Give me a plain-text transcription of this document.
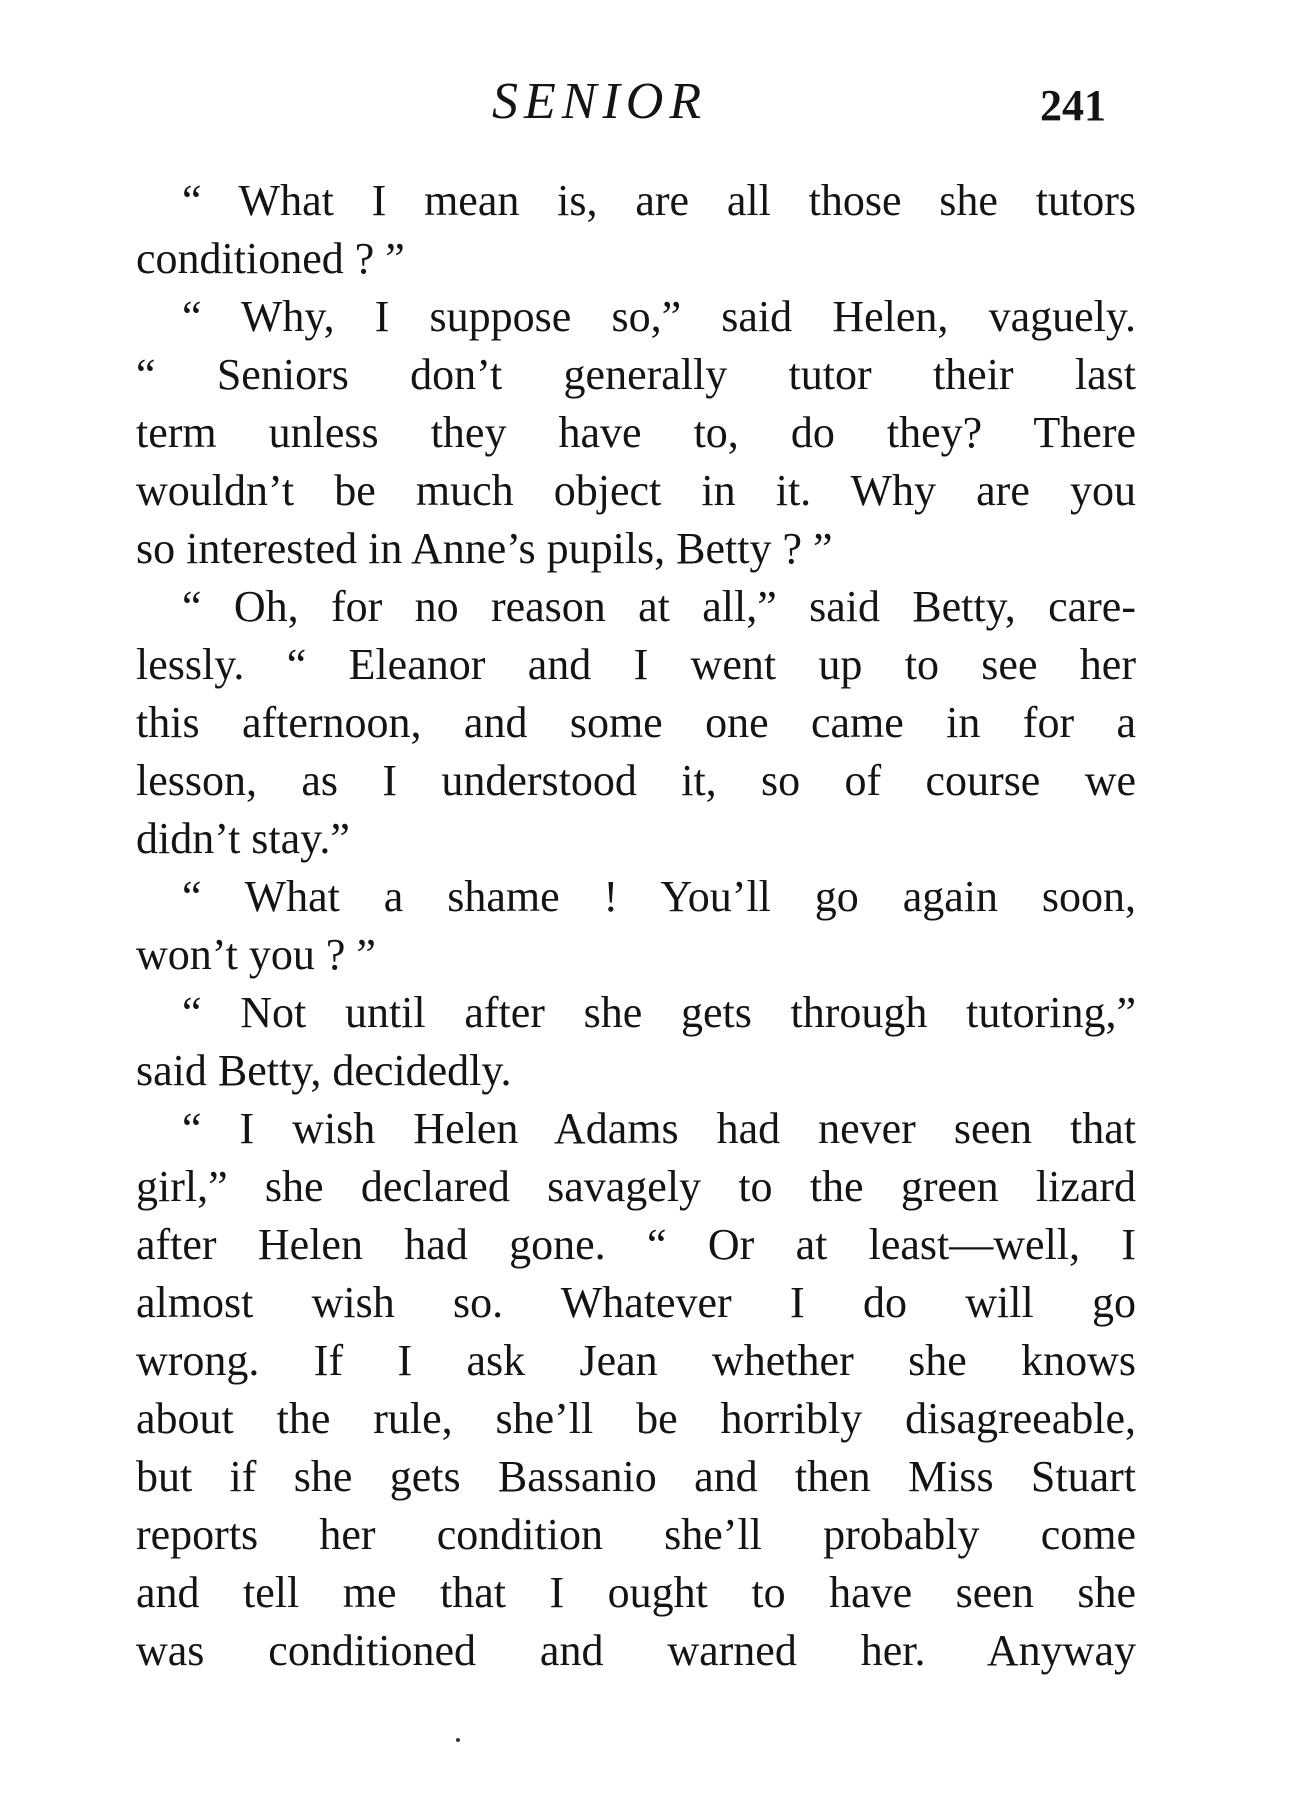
SENIOR	241
“ What I mean is, are all those she tutors
conditioned ? ”
“ Why, I suppose so,” said Helen, vaguely.
“ Seniors don’t generally tutor their last
term unless they have to, do they? There
wouldn’t be much object in it. Why are you
so interested in Anne’s pupils, Betty ? ”
“ Oh, for no reason at all,” said Betty, care-
lessly. “ Eleanor and I went up to see her
this afternoon, and some one came in for a
lesson, as I understood it, so of course we
didn’t stay.”
“ What a shame ! You’ll go again soon,
won’t you ? ”
“ Not until after she gets through tutoring,”
said Betty, decidedly.
“ I wish Helen Adams had never seen that
girl,” she declared savagely to the green lizard
after Helen had gone. “ Or at least—well, I
almost wish so. Whatever I do will go
wrong. If I ask Jean whether she knows
about the rule, she’ll be horribly disagreeable,
but if she gets Bassanio and then Miss Stuart
reports her condition she’ll probably come
and tell me that I ought to have seen she
was conditioned and warned her. Anyway
